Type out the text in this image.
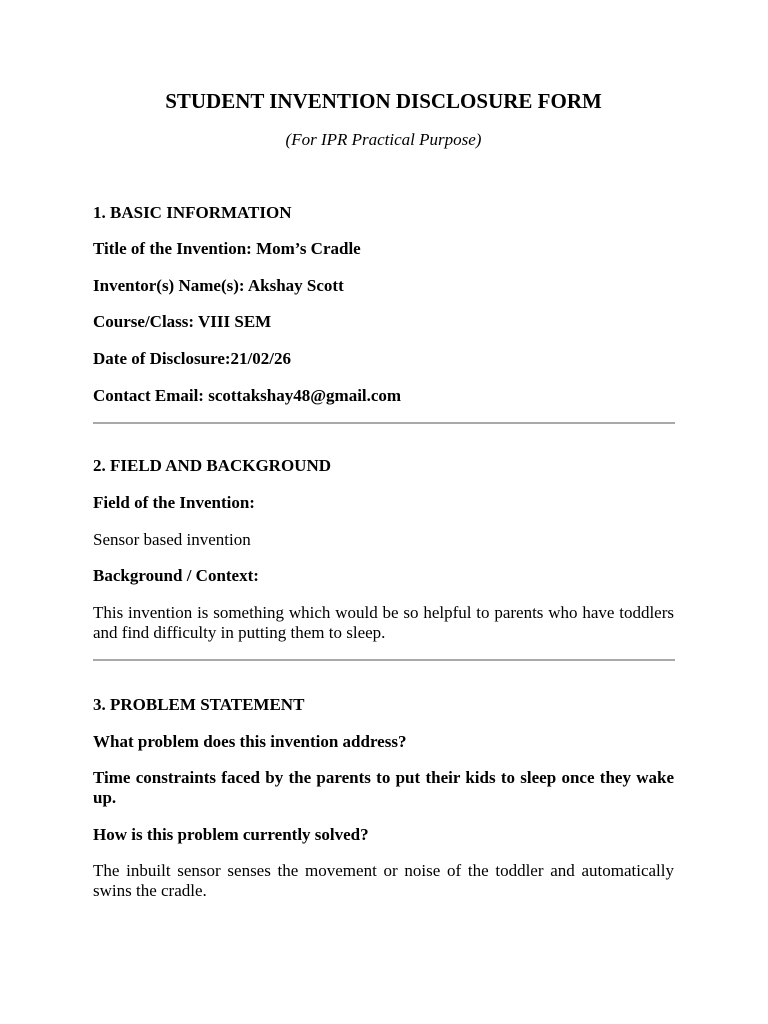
STUDENT INVENTION DISCLOSURE FORM

(For IPR Practical Purpose)

1. BASIC INFORMATION

Title of the Invention: Mom’s Cradle

Inventor(s) Name(s): Akshay Scott

Course/Class: VIII SEM

Date of Disclosure:21/02/26

Contact Email: scottakshay48@gmail.com

2. FIELD AND BACKGROUND

Field of the Invention:

Sensor based invention

Background / Context:

This invention is something which would be so helpful to parents who have toddlers and find difficulty in putting them to sleep.

3. PROBLEM STATEMENT

What problem does this invention address?

Time constraints faced by the parents to put their kids to sleep once they wake up.

How is this problem currently solved?

The inbuilt sensor senses the movement or noise of the toddler and automatically swins the cradle.
